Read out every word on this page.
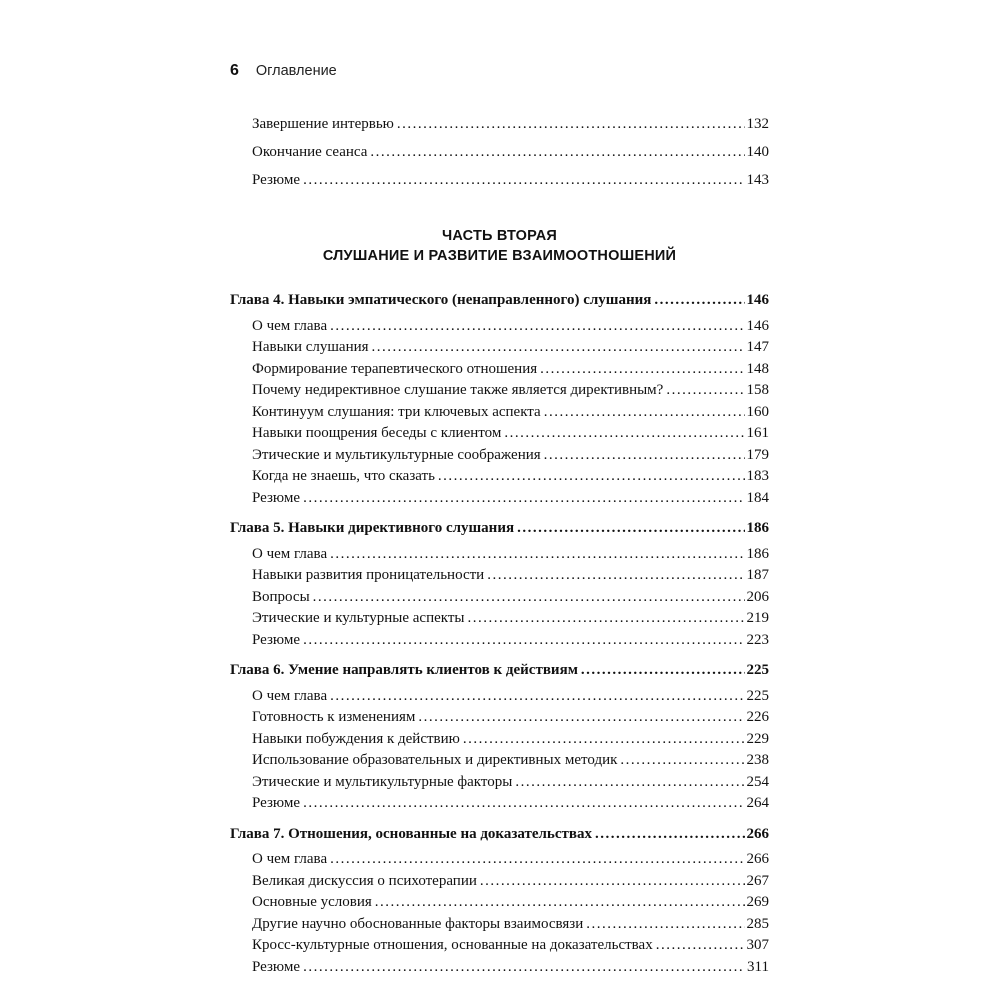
6 Оглавление
Завершение интервью .....	132
Окончание сеанса .....	140
Резюме .....	143
ЧАСТЬ ВТОРАЯ
СЛУШАНИЕ И РАЗВИТИЕ ВЗАИМООТНОШЕНИЙ
Глава 4. Навыки эмпатического (ненаправленного) слушания .....	146
О чем глава .....	146
Навыки слушания .....	147
Формирование терапевтического отношения .....	148
Почему недирективное слушание также является директивным? .....	158
Континуум слушания: три ключевых аспекта .....	160
Навыки поощрения беседы с клиентом .....	161
Этические и мультикультурные соображения .....	179
Когда не знаешь, что сказать .....	183
Резюме .....	184
Глава 5. Навыки директивного слушания .....	186
О чем глава .....	186
Навыки развития проницательности .....	187
Вопросы .....	206
Этические и культурные аспекты .....	219
Резюме .....	223
Глава 6. Умение направлять клиентов к действиям .....	225
О чем глава .....	225
Готовность к изменениям .....	226
Навыки побуждения к действию .....	229
Использование образовательных и директивных методик .....	238
Этические и мультикультурные факторы .....	254
Резюме .....	264
Глава 7. Отношения, основанные на доказательствах .....	266
О чем глава .....	266
Великая дискуссия о психотерапии .....	267
Основные условия .....	269
Другие научно обоснованные факторы взаимосвязи .....	285
Кросс-культурные отношения, основанные на доказательствах .....	307
Резюме .....	311
